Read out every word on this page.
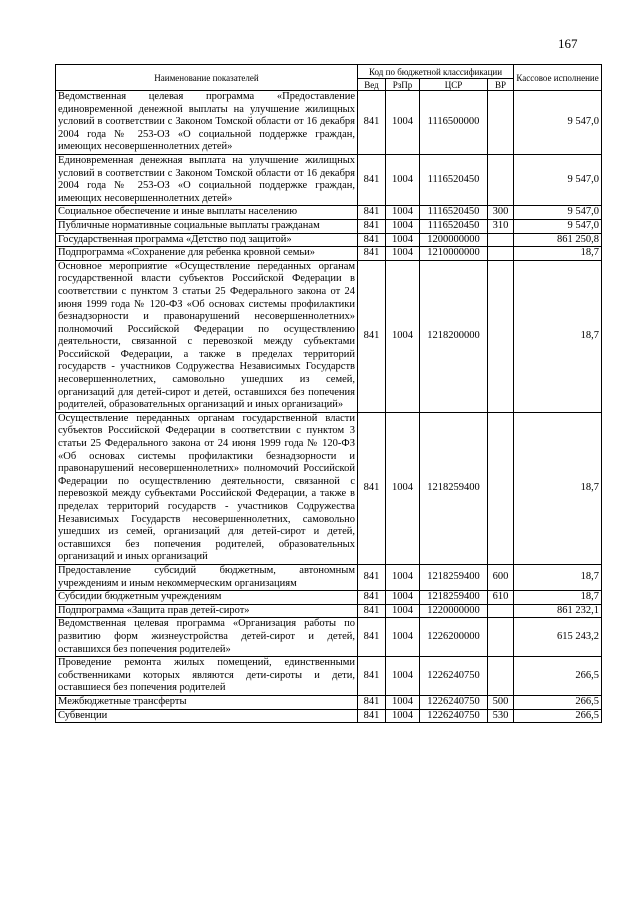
167
Наименование показателей	Код по бюджетной классификации				Кассовое исполнение
	Вед	РзПр	ЦСР	ВР	
Ведомственная целевая программа «Предоставление единовременной денежной выплаты на улучшение жилищных условий в соответствии с Законом Томской области от 16 декабря 2004 года № 253-ОЗ «О социальной поддержке граждан, имеющих несовершеннолетних детей»	841	1004	1116500000		9 547,0
Единовременная денежная выплата на улучшение жилищных условий в соответствии с Законом Томской области от 16 декабря 2004 года № 253-ОЗ «О социальной поддержке граждан, имеющих несовершеннолетних детей»	841	1004	1116520450		9 547,0
Социальное обеспечение и иные выплаты населению	841	1004	1116520450	300	9 547,0
Публичные нормативные социальные выплаты гражданам	841	1004	1116520450	310	9 547,0
Государственная программа «Детство под защитой»	841	1004	1200000000		861 250,8
Подпрограмма «Сохранение для ребенка кровной семьи»	841	1004	1210000000		18,7
Основное мероприятие «Осуществление переданных органам государственной власти субъектов Российской Федерации в соответствии с пунктом 3 статьи 25 Федерального закона от 24 июня 1999 года № 120-ФЗ «Об основах системы профилактики безнадзорности и правонарушений несовершеннолетних» полномочий Российской Федерации по осуществлению деятельности, связанной с перевозкой между субъектами Российской Федерации, а также в пределах территорий государств - участников Содружества Независимых Государств несовершеннолетних, самовольно ушедших из семей, организаций для детей-сирот и детей, оставшихся без попечения родителей, образовательных организаций и иных организаций»	841	1004	1218200000		18,7
Осуществление переданных органам государственной власти субъектов Российской Федерации в соответствии с пунктом 3 статьи 25 Федерального закона от 24 июня 1999 года № 120-ФЗ «Об основах системы профилактики безнадзорности и правонарушений несовершеннолетних» полномочий Российской Федерации по осуществлению деятельности, связанной с перевозкой между субъектами Российской Федерации, а также в пределах территорий государств - участников Содружества Независимых Государств несовершеннолетних, самовольно ушедших из семей, организаций для детей-сирот и детей, оставшихся без попечения родителей, образовательных организаций и иных организаций	841	1004	1218259400		18,7
Предоставление субсидий бюджетным, автономным учреждениям и иным некоммерческим организациям	841	1004	1218259400	600	18,7
Субсидии бюджетным учреждениям	841	1004	1218259400	610	18,7
Подпрограмма «Защита прав детей-сирот»	841	1004	1220000000		861 232,1
Ведомственная целевая программа «Организация работы по развитию форм жизнеустройства детей-сирот и детей, оставшихся без попечения родителей»	841	1004	1226200000		615 243,2
Проведение ремонта жилых помещений, единственными собственниками которых являются дети-сироты и дети, оставшиеся без попечения родителей	841	1004	1226240750		266,5
Межбюджетные трансферты	841	1004	1226240750	500	266,5
Субвенции	841	1004	1226240750	530	266,5
